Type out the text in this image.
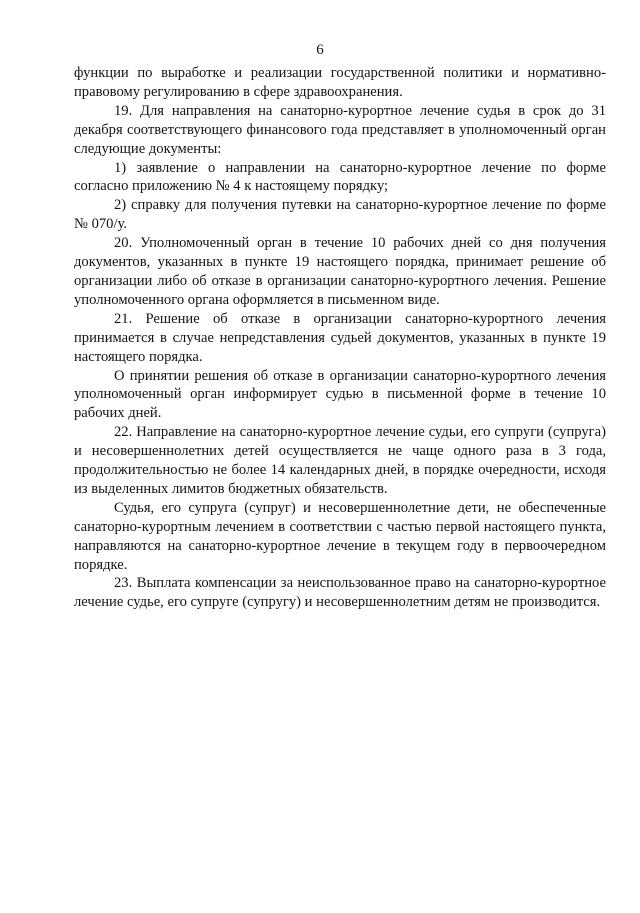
6

функции по выработке и реализации государственной политики и нормативно-правовому регулированию в сфере здравоохранения.

19. Для направления на санаторно-курортное лечение судья в срок до 31 декабря соответствующего финансового года представляет в уполномоченный орган следующие документы:

1) заявление о направлении на санаторно-курортное лечение по форме согласно приложению № 4 к настоящему порядку;

2) справку для получения путевки на санаторно-курортное лечение по форме № 070/у.

20. Уполномоченный орган в течение 10 рабочих дней со дня получения документов, указанных в пункте 19 настоящего порядка, принимает решение об организации либо об отказе в организации санаторно-курортного лечения. Решение уполномоченного органа оформляется в письменном виде.

21. Решение об отказе в организации санаторно-курортного лечения принимается в случае непредставления судьей документов, указанных в пункте 19 настоящего порядка.

О принятии решения об отказе в организации санаторно-курортного лечения уполномоченный орган информирует судью в письменной форме в течение 10 рабочих дней.

22. Направление на санаторно-курортное лечение судьи, его супруги (супруга) и несовершеннолетних детей осуществляется не чаще одного раза в 3 года, продолжительностью не более 14 календарных дней, в порядке очередности, исходя из выделенных лимитов бюджетных обязательств.

Судья, его супруга (супруг) и несовершеннолетние дети, не обеспеченные санаторно-курортным лечением в соответствии с частью первой настоящего пункта, направляются на санаторно-курортное лечение в текущем году в первоочередном порядке.

23. Выплата компенсации за неиспользованное право на санаторно-курортное лечение судье, его супруге (супругу) и несовершеннолетним детям не производится.
